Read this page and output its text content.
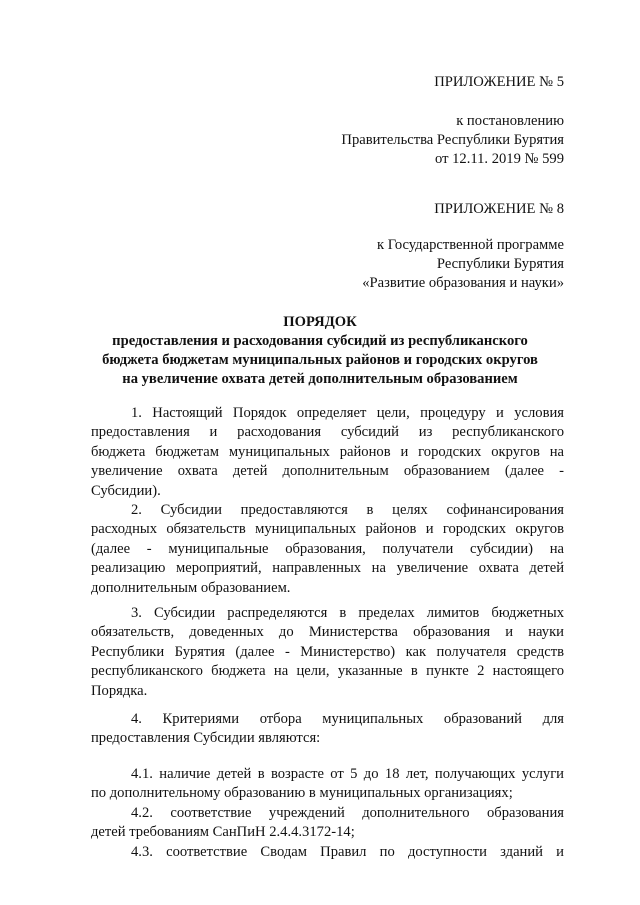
ПРИЛОЖЕНИЕ № 5
к постановлению
Правительства Республики Бурятия
от 12.11. 2019 № 599
ПРИЛОЖЕНИЕ № 8
к Государственной программе
Республики Бурятия
«Развитие образования и науки»
ПОРЯДОК
предоставления и расходования субсидий из республиканского
бюджета бюджетам муниципальных районов и городских округов
на увеличение охвата детей дополнительным образованием
1. Настоящий Порядок определяет цели, процедуру и условия
предоставления и расходования субсидий из республиканского
бюджета бюджетам муниципальных районов и городских округов на
увеличение охвата детей дополнительным образованием (далее -
Субсидии).
2. Субсидии предоставляются в целях софинансирования
расходных обязательств муниципальных районов и городских округов
(далее - муниципальные образования, получатели субсидии) на
реализацию мероприятий, направленных на увеличение охвата детей
дополнительным образованием.
3. Субсидии распределяются в пределах лимитов бюджетных
обязательств, доведенных до Министерства образования и науки
Республики Бурятия (далее - Министерство) как получателя средств
республиканского бюджета на цели, указанные в пункте 2 настоящего
Порядка.
4. Критериями отбора муниципальных образований для
предоставления Субсидии являются:
4.1. наличие детей в возрасте от 5 до 18 лет, получающих услуги
по дополнительному образованию в муниципальных организациях;
4.2. соответствие учреждений дополнительного образования
детей требованиям СанПиН 2.4.4.3172-14;
4.3. соответствие Сводам Правил по доступности зданий и
